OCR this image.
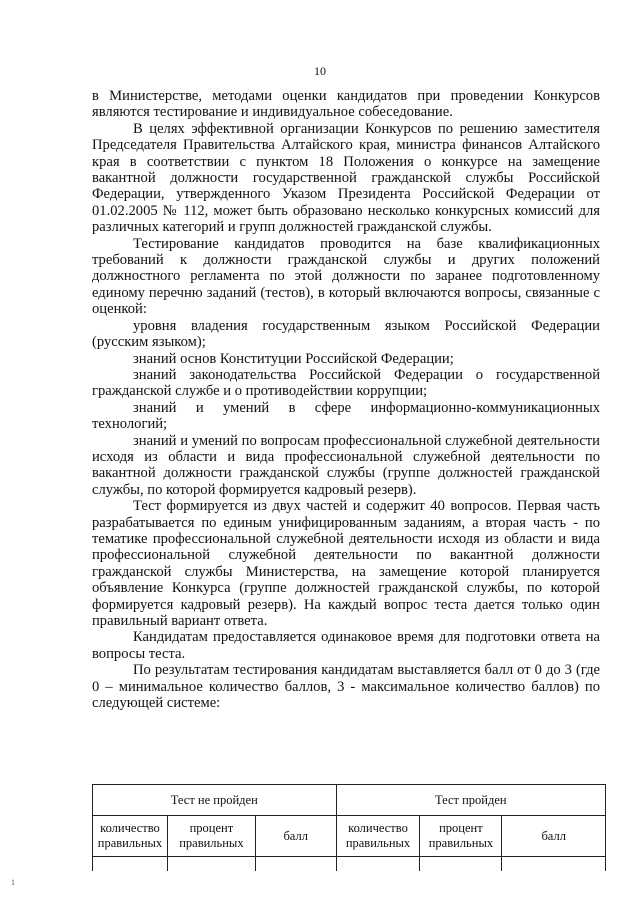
10

в Министерстве, методами оценки кандидатов при проведении Конкурсов являются тестирование и индивидуальное собеседование.

В целях эффективной организации Конкурсов по решению заместителя Председателя Правительства Алтайского края, министра финансов Алтайского края в соответствии с пунктом 18 Положения о конкурсе на замещение вакантной должности государственной гражданской службы Российской Федерации, утвержденного Указом Президента Российской Федерации от 01.02.2005 № 112, может быть образовано несколько конкурсных комиссий для различных категорий и групп должностей гражданской службы.

Тестирование кандидатов проводится на базе квалификационных требований к должности гражданской службы и других положений должностного регламента по этой должности по заранее подготовленному единому перечню заданий (тестов), в который включаются вопросы, связанные с оценкой:

уровня владения государственным языком Российской Федерации (русским языком);

знаний основ Конституции Российской Федерации;

знаний законодательства Российской Федерации о государственной гражданской службе и о противодействии коррупции;

знаний и умений в сфере информационно-коммуникационных технологий;

знаний и умений по вопросам профессиональной служебной деятельности исходя из области и вида профессиональной служебной деятельности по вакантной должности гражданской службы (группе должностей гражданской службы, по которой формируется кадровый резерв).

Тест формируется из двух частей и содержит 40 вопросов. Первая часть разрабатывается по единым унифицированным заданиям, а вторая часть - по тематике профессиональной служебной деятельности исходя из области и вида профессиональной служебной деятельности по вакантной должности гражданской службы Министерства, на замещение которой планируется объявление Конкурса (группе должностей гражданской службы, по которой формируется кадровый резерв). На каждый вопрос теста дается только один правильный вариант ответа.

Кандидатам предоставляется одинаковое время для подготовки ответа на вопросы теста.

По результатам тестирования кандидатам выставляется балл от 0 до 3 (где 0 – минимальное количество баллов, 3 - максимальное количество баллов) по следующей системе:

Тест не пройден			Тест пройден		
количество правильных	процент правильных	балл	количество правильных	процент правильных	балл

1
